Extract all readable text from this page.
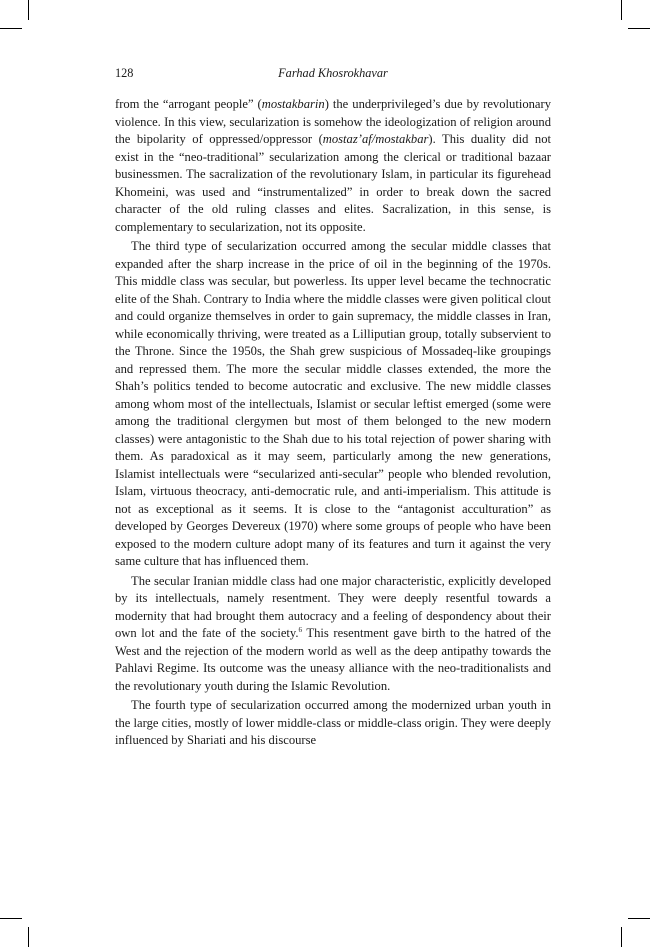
128	Farhad Khosrokhavar

from the “arrogant people” (mostakbarin) the underprivileged’s due by revolutionary violence. In this view, secularization is somehow the ideologization of religion around the bipolarity of oppressed/oppressor (mostaz’af/mostakbar). This duality did not exist in the “neo-traditional” secularization among the clerical or traditional bazaar businessmen. The sacralization of the revolutionary Islam, in particular its figurehead Khomeini, was used and “instrumentalized” in order to break down the sacred character of the old ruling classes and elites. Sacralization, in this sense, is complementary to secularization, not its opposite.

The third type of secularization occurred among the secular middle classes that expanded after the sharp increase in the price of oil in the beginning of the 1970s. This middle class was secular, but powerless. Its upper level became the technocratic elite of the Shah. Contrary to India where the middle classes were given political clout and could organize themselves in order to gain supremacy, the middle classes in Iran, while economically thriving, were treated as a Lilliputian group, totally subservient to the Throne. Since the 1950s, the Shah grew suspicious of Mossadeq-like groupings and repressed them. The more the secular middle classes extended, the more the Shah’s politics tended to become autocratic and exclusive. The new middle classes among whom most of the intellectuals, Islamist or secular leftist emerged (some were among the traditional clergymen but most of them belonged to the new modern classes) were antagonistic to the Shah due to his total rejection of power sharing with them. As paradoxical as it may seem, particularly among the new generations, Islamist intellectuals were “secularized anti-secular” people who blended revolution, Islam, virtuous theocracy, anti-democratic rule, and anti-imperialism. This attitude is not as exceptional as it seems. It is close to the “antagonist acculturation” as developed by Georges Devereux (1970) where some groups of people who have been exposed to the modern culture adopt many of its features and turn it against the very same culture that has influenced them.

The secular Iranian middle class had one major characteristic, explicitly developed by its intellectuals, namely resentment. They were deeply resentful towards a modernity that had brought them autocracy and a feeling of despondency about their own lot and the fate of the society.$^6$ This resentment gave birth to the hatred of the West and the rejection of the modern world as well as the deep antipathy towards the Pahlavi Regime. Its outcome was the uneasy alliance with the neo-traditionalists and the revolutionary youth during the Islamic Revolution.

The fourth type of secularization occurred among the modernized urban youth in the large cities, mostly of lower middle-class or middle-class origin. They were deeply influenced by Shariati and his discourse
